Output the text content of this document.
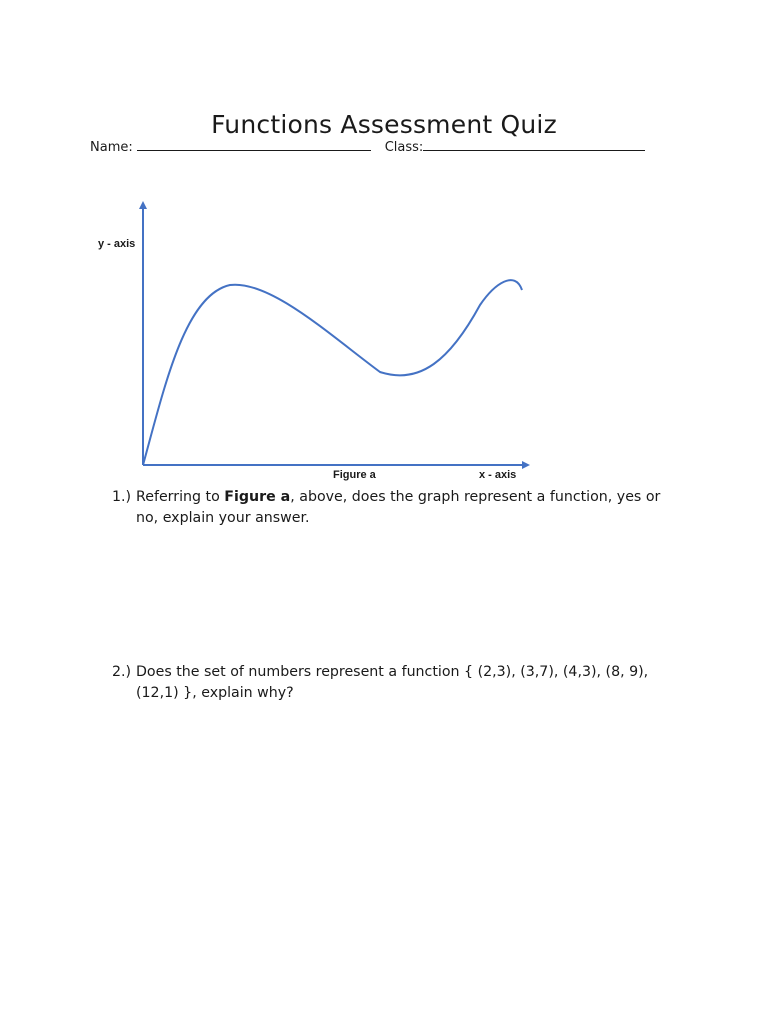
Functions Assessment Quiz
Name:	Class:
y - axis
Figure a	x - axis
1.) Referring to Figure a, above, does the graph represent a function, yes or no, explain your answer.
2.) Does the set of numbers represent a function { (2,3), (3,7), (4,3), (8, 9), (12,1) }, explain why?
